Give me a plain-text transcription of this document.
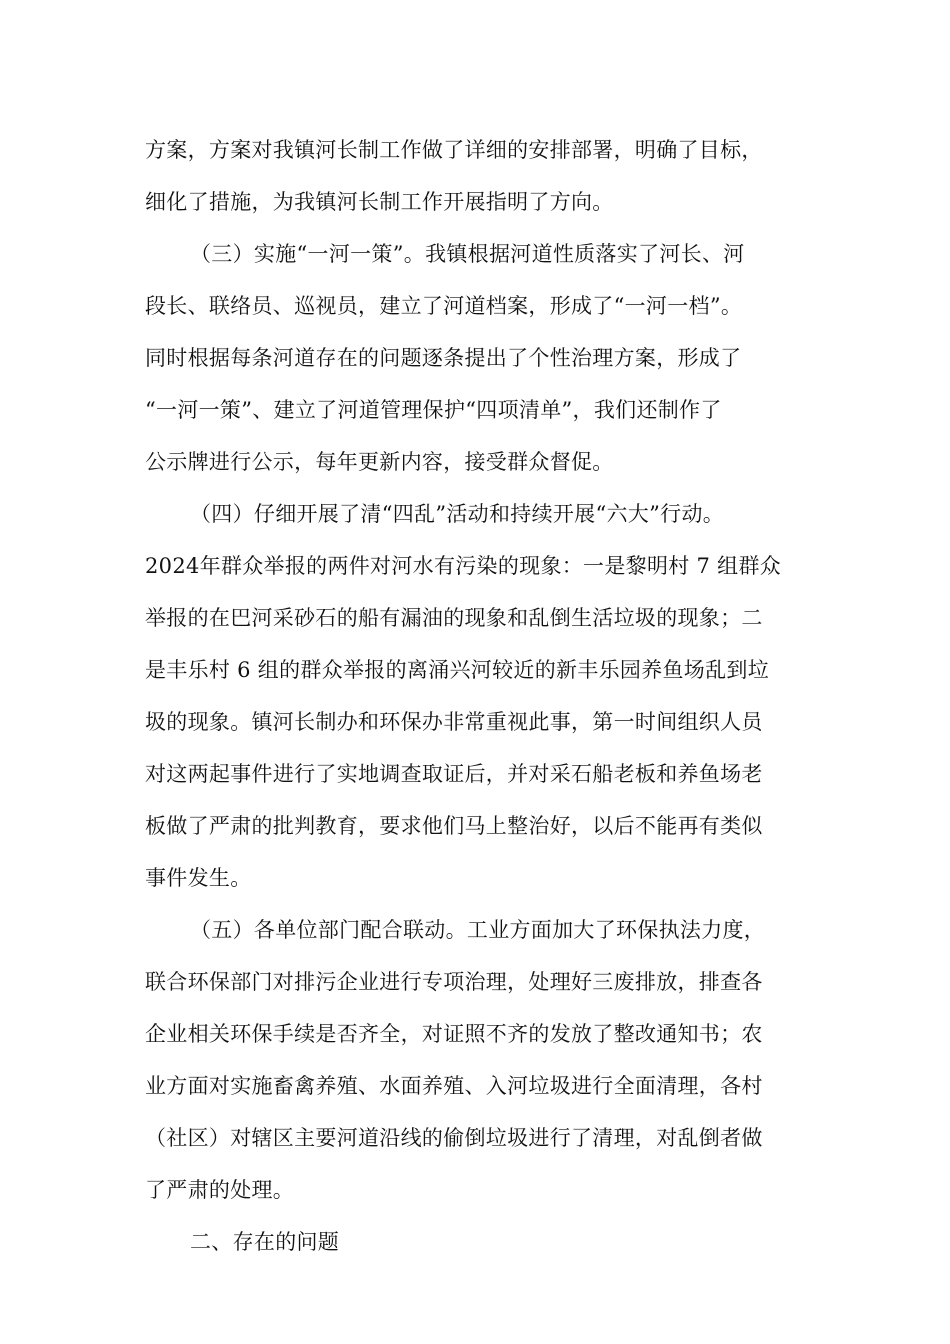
方案，方案对我镇河长制工作做了详细的安排部署，明确了目标，
细化了措施，为我镇河长制工作开展指明了方向。
（三）实施“一河一策”。我镇根据河道性质落实了河长、河
段长、联络员、巡视员，建立了河道档案，形成了“一河一档”。
同时根据每条河道存在的问题逐条提出了个性治理方案，形成了
“一河一策”、建立了河道管理保护“四项清单”，我们还制作了
公示牌进行公示，每年更新内容，接受群众督促。
（四）仔细开展了清“四乱”活动和持续开展“六大”行动。
2024年群众举报的两件对河水有污染的现象：一是黎明村 7 组群众
举报的在巴河采砂石的船有漏油的现象和乱倒生活垃圾的现象；二
是丰乐村 6 组的群众举报的离涌兴河较近的新丰乐园养鱼场乱到垃
圾的现象。镇河长制办和环保办非常重视此事，第一时间组织人员
对这两起事件进行了实地调查取证后，并对采石船老板和养鱼场老
板做了严肃的批判教育，要求他们马上整治好，以后不能再有类似
事件发生。
（五）各单位部门配合联动。工业方面加大了环保执法力度，
联合环保部门对排污企业进行专项治理，处理好三废排放，排查各
企业相关环保手续是否齐全，对证照不齐的发放了整改通知书；农
业方面对实施畜禽养殖、水面养殖、入河垃圾进行全面清理，各村
（社区）对辖区主要河道沿线的偷倒垃圾进行了清理，对乱倒者做
了严肃的处理。
二、存在的问题
